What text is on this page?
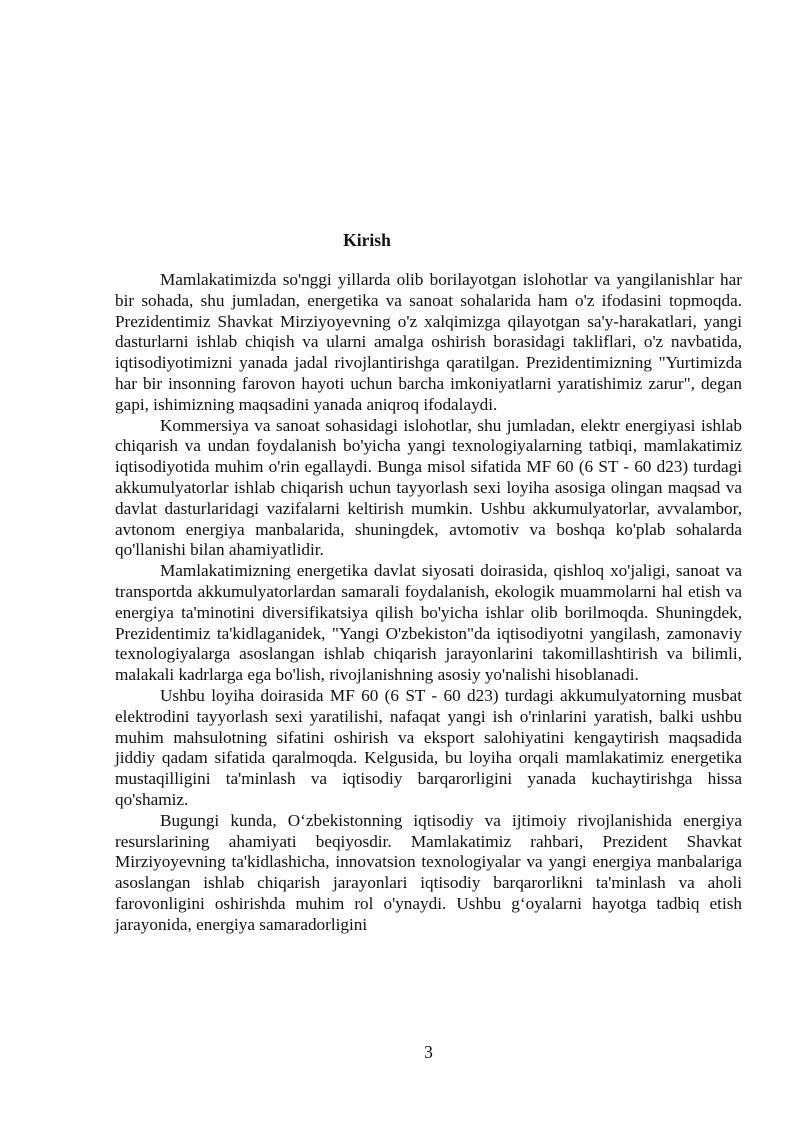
Kirish

Mamlakatimizda so'nggi yillarda olib borilayotgan islohotlar va yangilanishlar har bir sohada, shu jumladan, energetika va sanoat sohalarida ham o'z ifodasini topmoqda. Prezidentimiz Shavkat Mirziyoyevning o'z xalqimizga qilayotgan sa'y-harakatlari, yangi dasturlarni ishlab chiqish va ularni amalga oshirish borasidagi takliflari, o'z navbatida, iqtisodiyotimizni yanada jadal rivojlantirishga qaratilgan. Prezidentimizning "Yurtimizda har bir insonning farovon hayoti uchun barcha imkoniyatlarni yaratishimiz zarur", degan gapi, ishimizning maqsadini yanada aniqroq ifodalaydi.

Kommersiya va sanoat sohasidagi islohotlar, shu jumladan, elektr energiyasi ishlab chiqarish va undan foydalanish bo'yicha yangi texnologiyalarning tatbiqi, mamlakatimiz iqtisodiyotida muhim o'rin egallaydi. Bunga misol sifatida MF 60 (6 ST - 60 d23) turdagi akkumulyatorlar ishlab chiqarish uchun tayyorlash sexi loyiha asosiga olingan maqsad va davlat dasturlaridagi vazifalarni keltirish mumkin. Ushbu akkumulyatorlar, avvalambor, avtonom energiya manbalarida, shuningdek, avtomotiv va boshqa ko'plab sohalarda qo'llanishi bilan ahamiyatlidir.

Mamlakatimizning energetika davlat siyosati doirasida, qishloq xo'jaligi, sanoat va transportda akkumulyatorlardan samarali foydalanish, ekologik muammolarni hal etish va energiya ta'minotini diversifikatsiya qilish bo'yicha ishlar olib borilmoqda. Shuningdek, Prezidentimiz ta'kidlaganidek, "Yangi O'zbekiston"da iqtisodiyotni yangilash, zamonaviy texnologiyalarga asoslangan ishlab chiqarish jarayonlarini takomillashtirish va bilimli, malakali kadrlarga ega bo'lish, rivojlanishning asosiy yo'nalishi hisoblanadi.

Ushbu loyiha doirasida MF 60 (6 ST - 60 d23) turdagi akkumulyatorning musbat elektrodini tayyorlash sexi yaratilishi, nafaqat yangi ish o'rinlarini yaratish, balki ushbu muhim mahsulotning sifatini oshirish va eksport salohiyatini kengaytirish maqsadida jiddiy qadam sifatida qaralmoqda. Kelgusida, bu loyiha orqali mamlakatimiz energetika mustaqilligini ta'minlash va iqtisodiy barqarorligini yanada kuchaytirishga hissa qo'shamiz.

Bugungi kunda, O‘zbekistonning iqtisodiy va ijtimoiy rivojlanishida energiya resurslarining ahamiyati beqiyosdir. Mamlakatimiz rahbari, Prezident Shavkat Mirziyoyevning ta'kidlashicha, innovatsion texnologiyalar va yangi energiya manbalariga asoslangan ishlab chiqarish jarayonlari iqtisodiy barqarorlikni ta'minlash va aholi farovonligini oshirishda muhim rol o'ynaydi. Ushbu g‘oyalarni hayotga tadbiq etish jarayonida, energiya samaradorligini

3
